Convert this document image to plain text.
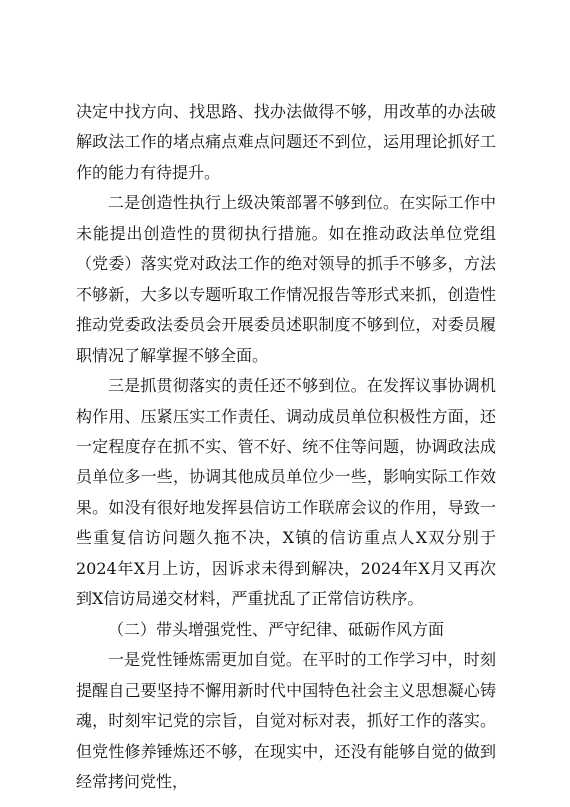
决定中找方向、找思路、找办法做得不够，用改革的办法破解政法工作的堵点痛点难点问题还不到位，运用理论抓好工作的能力有待提升。

二是创造性执行上级决策部署不够到位。在实际工作中未能提出创造性的贯彻执行措施。如在推动政法单位党组（党委）落实党对政法工作的绝对领导的抓手不够多，方法不够新，大多以专题听取工作情况报告等形式来抓，创造性推动党委政法委员会开展委员述职制度不够到位，对委员履职情况了解掌握不够全面。

三是抓贯彻落实的责任还不够到位。在发挥议事协调机构作用、压紧压实工作责任、调动成员单位积极性方面，还一定程度存在抓不实、管不好、统不住等问题，协调政法成员单位多一些，协调其他成员单位少一些，影响实际工作效果。如没有很好地发挥县信访工作联席会议的作用，导致一些重复信访问题久拖不决，X镇的信访重点人X双分别于2024年X月上访，因诉求未得到解决，2024年X月又再次到X信访局递交材料，严重扰乱了正常信访秩序。

（二）带头增强党性、严守纪律、砥砺作风方面

一是党性锤炼需更加自觉。在平时的工作学习中，时刻提醒自己要坚持不懈用新时代中国特色社会主义思想凝心铸魂，时刻牢记党的宗旨，自觉对标对表，抓好工作的落实。但党性修养锤炼还不够，在现实中，还没有能够自觉的做到经常拷问党性，
